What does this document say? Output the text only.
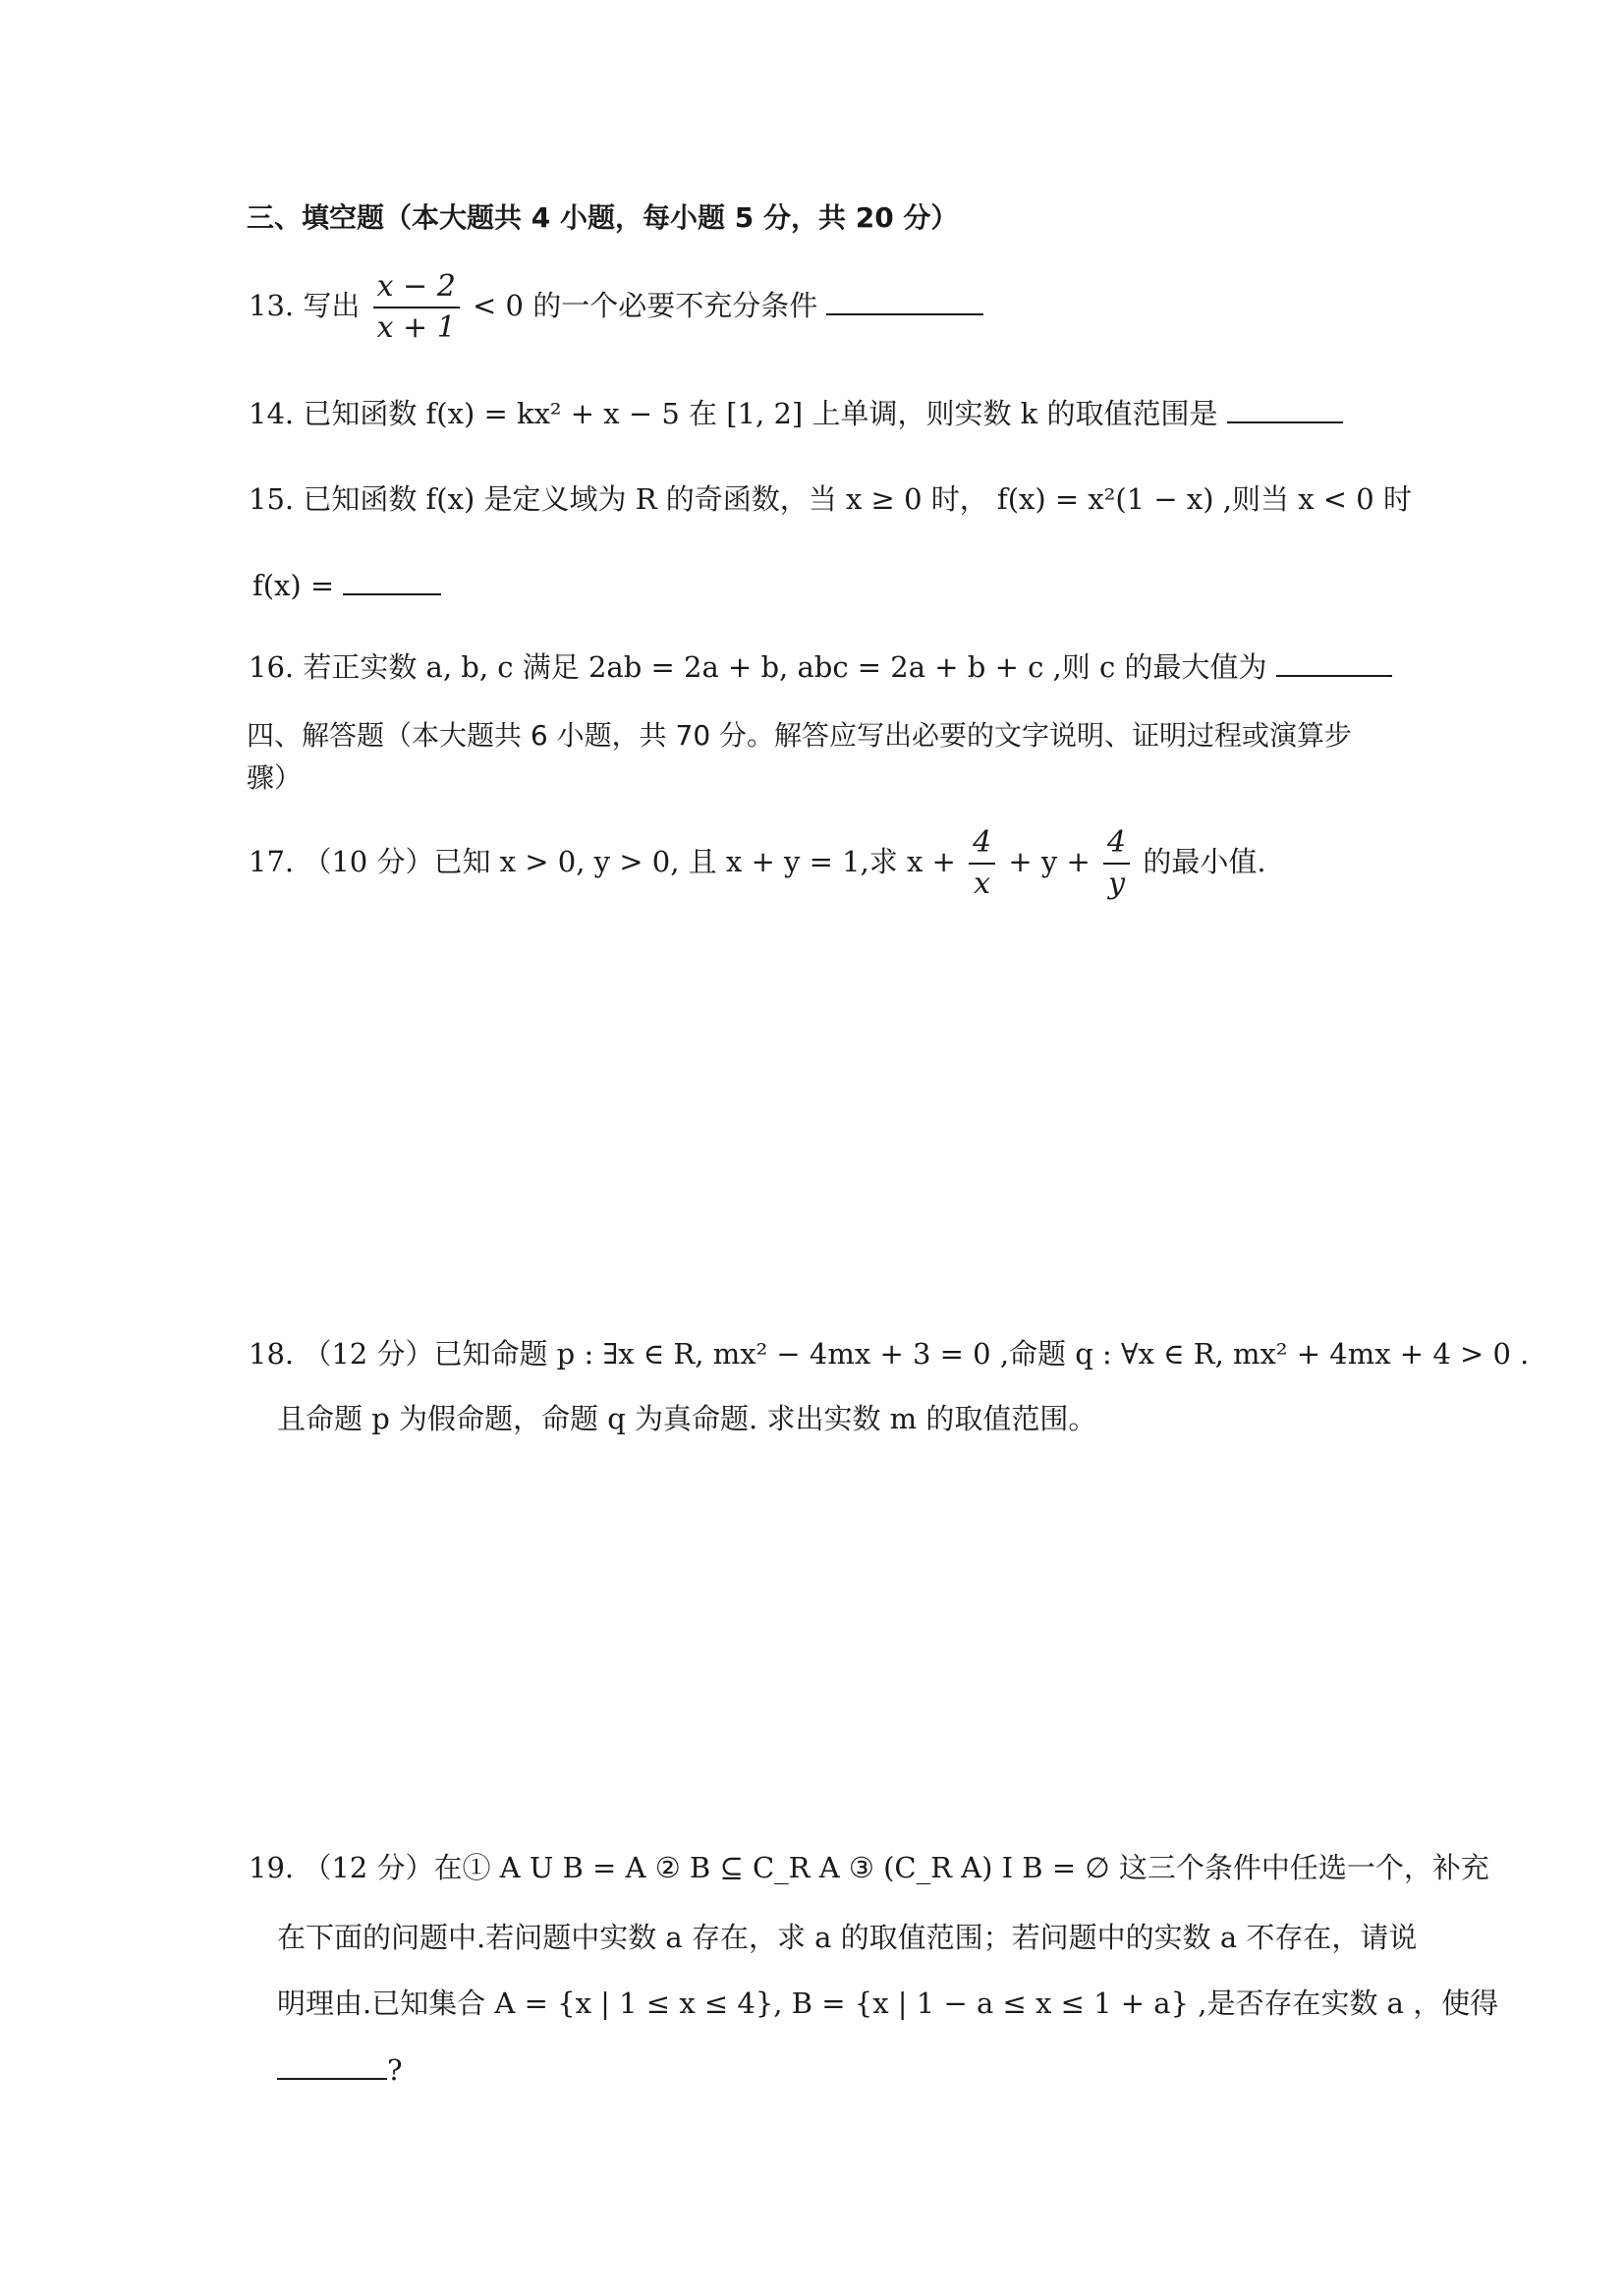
三、填空题（本大题共 4 小题，每小题 5 分，共 20 分）
13. 写出 $\frac{x - 2}{x + 1} < 0$ 的一个必要不充分条件
14. 已知函数 f(x) = kx² + x − 5 在 [1, 2] 上单调，则实数 k 的取值范围是
15. 已知函数 f(x) 是定义域为 R 的奇函数，当 x ≥ 0 时， f(x) = x²(1 − x) ,则当 x < 0 时
f(x) =
16. 若正实数 a, b, c 满足 2ab = 2a + b, abc = 2a + b + c ,则 c 的最大值为
四、解答题（本大题共 6 小题，共 70 分。解答应写出必要的文字说明、证明过程或演算步
骤）
17. （10 分）已知 x > 0, y > 0, 且 x + y = 1,求 $x + \frac{4}{x} + y + \frac{4}{y}$ 的最小值.
18. （12 分）已知命题 p : ∃x ∈ R, mx² − 4mx + 3 = 0 ,命题 q : ∀x ∈ R, mx² + 4mx + 4 > 0 .
且命题 p 为假命题，命题 q 为真命题. 求出实数 m 的取值范围。
19. （12 分）在① A U B = A ② B ⊆ C_R A ③ (C_R A) I B = ∅ 这三个条件中任选一个，补充
在下面的问题中.若问题中实数 a 存在，求 a 的取值范围；若问题中的实数 a 不存在，请说
明理由.已知集合 A = {x | 1 ≤ x ≤ 4}, B = {x | 1 − a ≤ x ≤ 1 + a} ,是否存在实数 a ，使得
?
